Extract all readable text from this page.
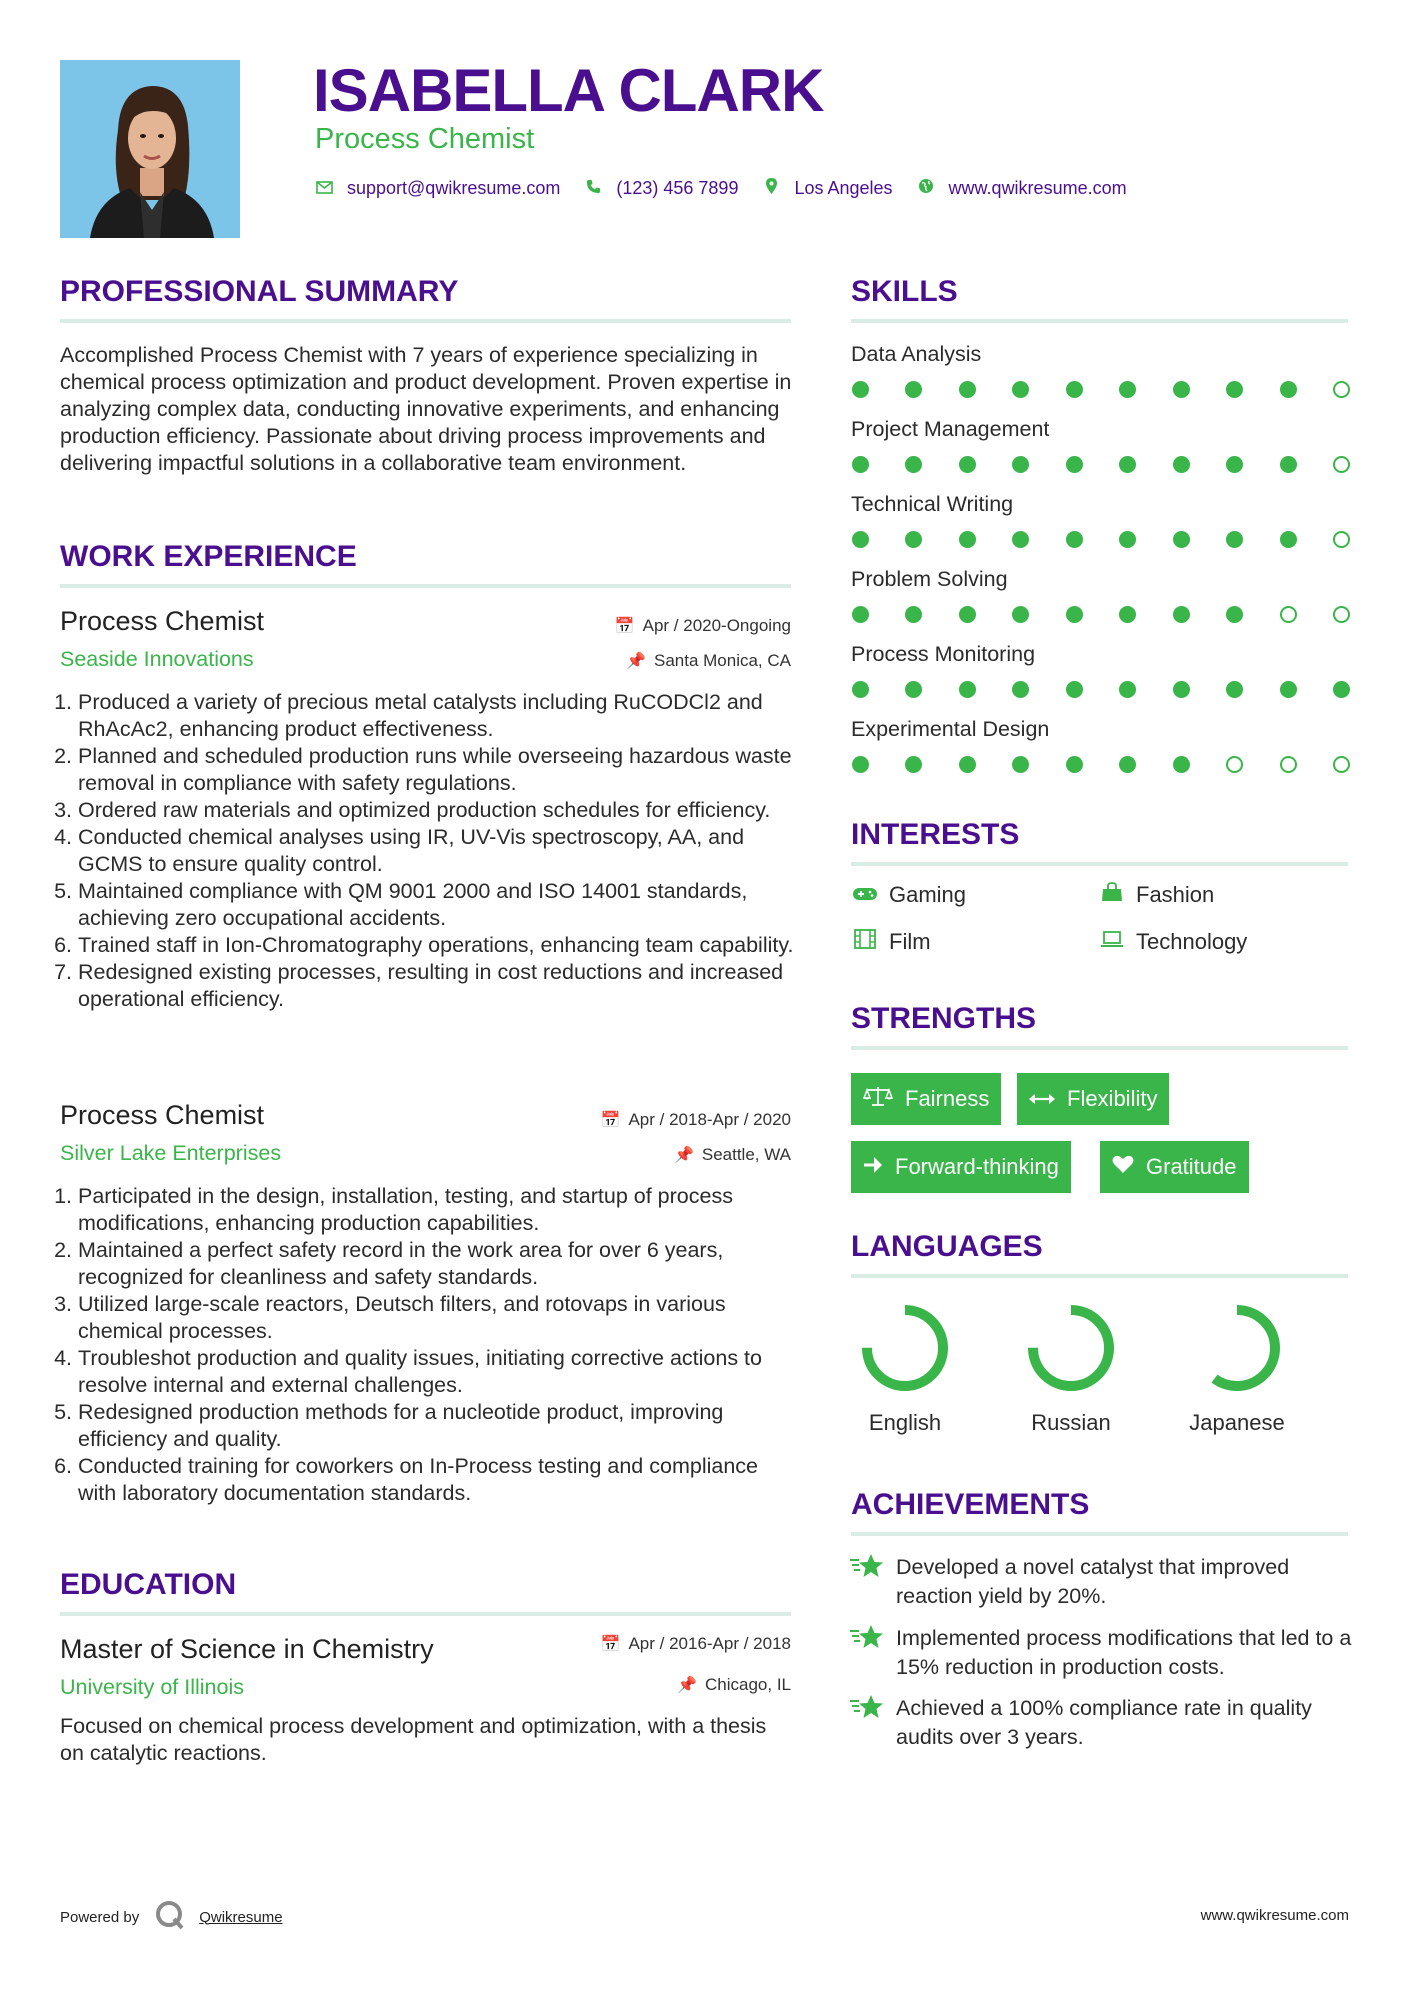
ISABELLA CLARK
Process Chemist
support@qwikresume.com	(123) 456 7899	Los Angeles	www.qwikresume.com
PROFESSIONAL SUMMARY
Accomplished Process Chemist with 7 years of experience specializing in chemical process optimization and product development. Proven expertise in analyzing complex data, conducting innovative experiments, and enhancing production efficiency. Passionate about driving process improvements and delivering impactful solutions in a collaborative team environment.
WORK EXPERIENCE
Process Chemist
Seaside Innovations
📅 Apr / 2020-Ongoing
📌 Santa Monica, CA
1. Produced a variety of precious metal catalysts including RuCODCl2 and RhAcAc2, enhancing product effectiveness.
2. Planned and scheduled production runs while overseeing hazardous waste removal in compliance with safety regulations.
3. Ordered raw materials and optimized production schedules for efficiency.
4. Conducted chemical analyses using IR, UV-Vis spectroscopy, AA, and GCMS to ensure quality control.
5. Maintained compliance with QM 9001 2000 and ISO 14001 standards, achieving zero occupational accidents.
6. Trained staff in Ion-Chromatography operations, enhancing team capability.
7. Redesigned existing processes, resulting in cost reductions and increased operational efficiency.
Process Chemist
Silver Lake Enterprises
📅 Apr / 2018-Apr / 2020
📌 Seattle, WA
1. Participated in the design, installation, testing, and startup of process modifications, enhancing production capabilities.
2. Maintained a perfect safety record in the work area for over 6 years, recognized for cleanliness and safety standards.
3. Utilized large-scale reactors, Deutsch filters, and rotovaps in various chemical processes.
4. Troubleshot production and quality issues, initiating corrective actions to resolve internal and external challenges.
5. Redesigned production methods for a nucleotide product, improving efficiency and quality.
6. Conducted training for coworkers on In-Process testing and compliance with laboratory documentation standards.
EDUCATION
Master of Science in Chemistry
University of Illinois
📅 Apr / 2016-Apr / 2018
📌 Chicago, IL
Focused on chemical process development and optimization, with a thesis on catalytic reactions.
SKILLS
Data Analysis
Project Management
Technical Writing
Problem Solving
Process Monitoring
Experimental Design
INTERESTS
Gaming	Fashion
Film	Technology
STRENGTHS
Fairness	Flexibility
Forward-thinking	Gratitude
LANGUAGES
English	Russian	Japanese
ACHIEVEMENTS
Developed a novel catalyst that improved reaction yield by 20%.
Implemented process modifications that led to a 15% reduction in production costs.
Achieved a 100% compliance rate in quality audits over 3 years.
Powered by	Qwikresume	www.qwikresume.com
